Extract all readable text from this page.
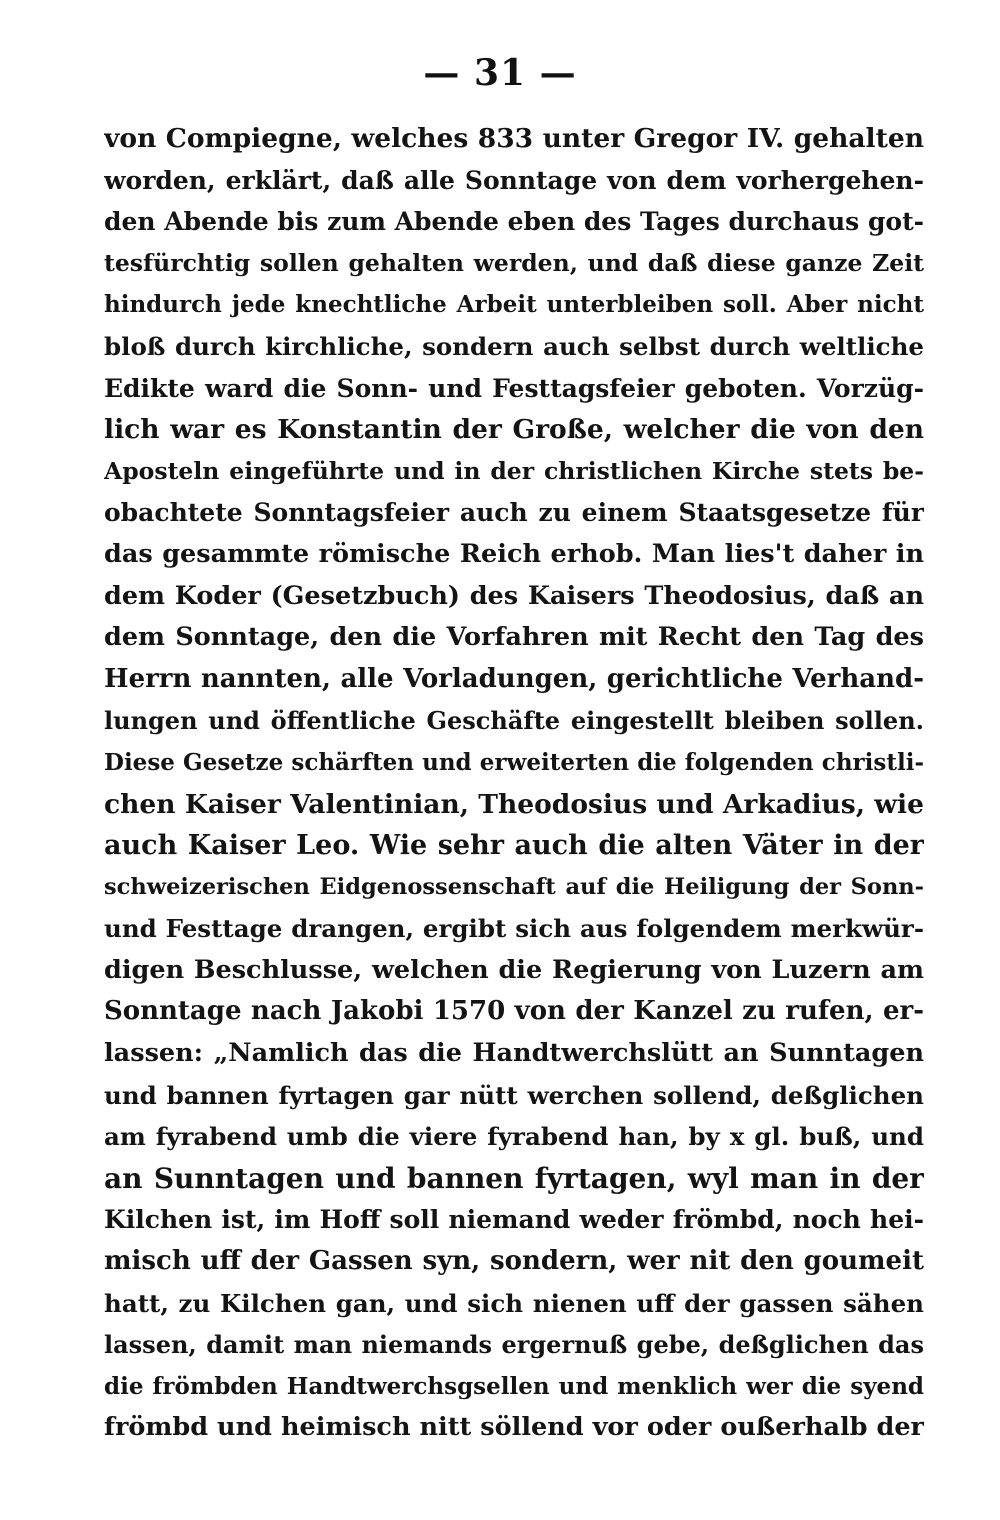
— 31 —
von Compiegne, welches 833 unter Gregor IV. gehalten
worden, erklärt, daß alle Sonntage von dem vorhergehen-
den Abende bis zum Abende eben des Tages durchaus got-
tesfürchtig sollen gehalten werden, und daß diese ganze Zeit
hindurch jede knechtliche Arbeit unterbleiben soll. Aber nicht
bloß durch kirchliche, sondern auch selbst durch weltliche
Edikte ward die Sonn- und Festtagsfeier geboten. Vorzüg-
lich war es Konstantin der Große, welcher die von den
Aposteln eingeführte und in der christlichen Kirche stets be-
obachtete Sonntagsfeier auch zu einem Staatsgesetze für
das gesammte römische Reich erhob. Man lies't daher in
dem Koder (Gesetzbuch) des Kaisers Theodosius, daß an
dem Sonntage, den die Vorfahren mit Recht den Tag des
Herrn nannten, alle Vorladungen, gerichtliche Verhand-
lungen und öffentliche Geschäfte eingestellt bleiben sollen.
Diese Gesetze schärften und erweiterten die folgenden christli-
chen Kaiser Valentinian, Theodosius und Arkadius, wie
auch Kaiser Leo. Wie sehr auch die alten Väter in der
schweizerischen Eidgenossenschaft auf die Heiligung der Sonn-
und Festtage drangen, ergibt sich aus folgendem merkwür-
digen Beschlusse, welchen die Regierung von Luzern am
Sonntage nach Jakobi 1570 von der Kanzel zu rufen, er-
lassen: „Namlich das die Handtwerchslütt an Sunntagen
und bannen fyrtagen gar nütt werchen sollend, deßglichen
am fyrabend umb die viere fyrabend han, by x gl. buß, und
an Sunntagen und bannen fyrtagen, wyl man in der
Kilchen ist, im Hoff soll niemand weder frömbd, noch hei-
misch uff der Gassen syn, sondern, wer nit den goumeit
hatt, zu Kilchen gan, und sich nienen uff der gassen sähen
lassen, damit man niemands ergernuß gebe, deßglichen das
die frömbden Handtwerchsgsellen und menklich wer die syend
frömbd und heimisch nitt söllend vor oder oußerhalb der
